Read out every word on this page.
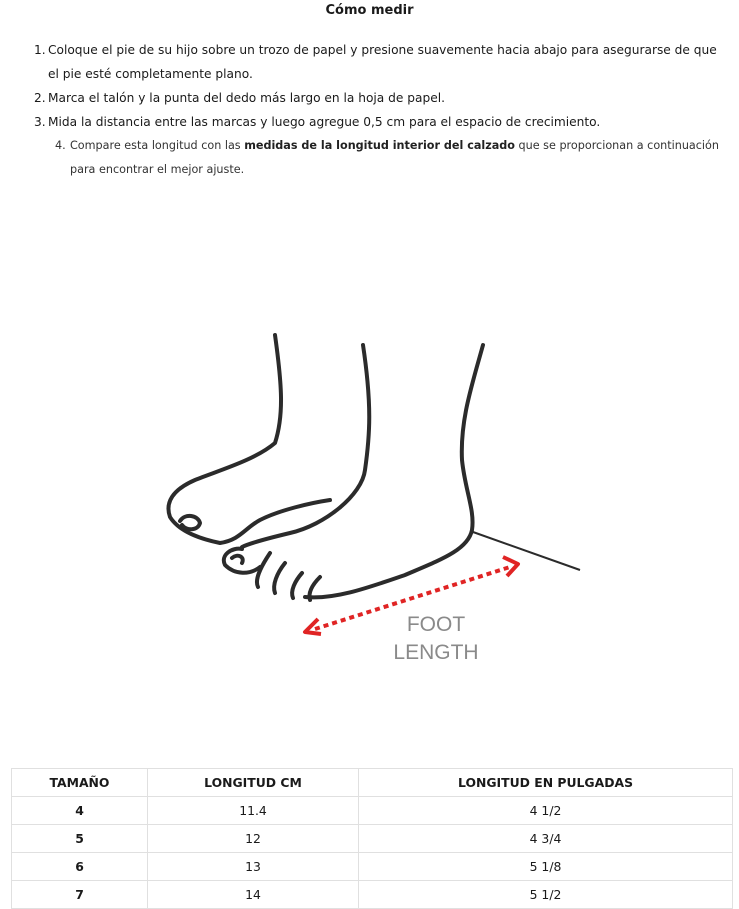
Cómo medir
1. Coloque el pie de su hijo sobre un trozo de papel y presione suavemente hacia abajo para asegurarse de que
el pie esté completamente plano.
2. Marca el talón y la punta del dedo más largo en la hoja de papel.
3. Mida la distancia entre las marcas y luego agregue 0,5 cm para el espacio de crecimiento.
4. Compare esta longitud con las medidas de la longitud interior del calzado que se proporcionan a continuación
para encontrar el mejor ajuste.
FOOT
LENGTH
TAMAÑO	LONGITUD CM	LONGITUD EN PULGADAS
4	11.4	4 1/2
5	12	4 3/4
6	13	5 1/8
7	14	5 1/2
